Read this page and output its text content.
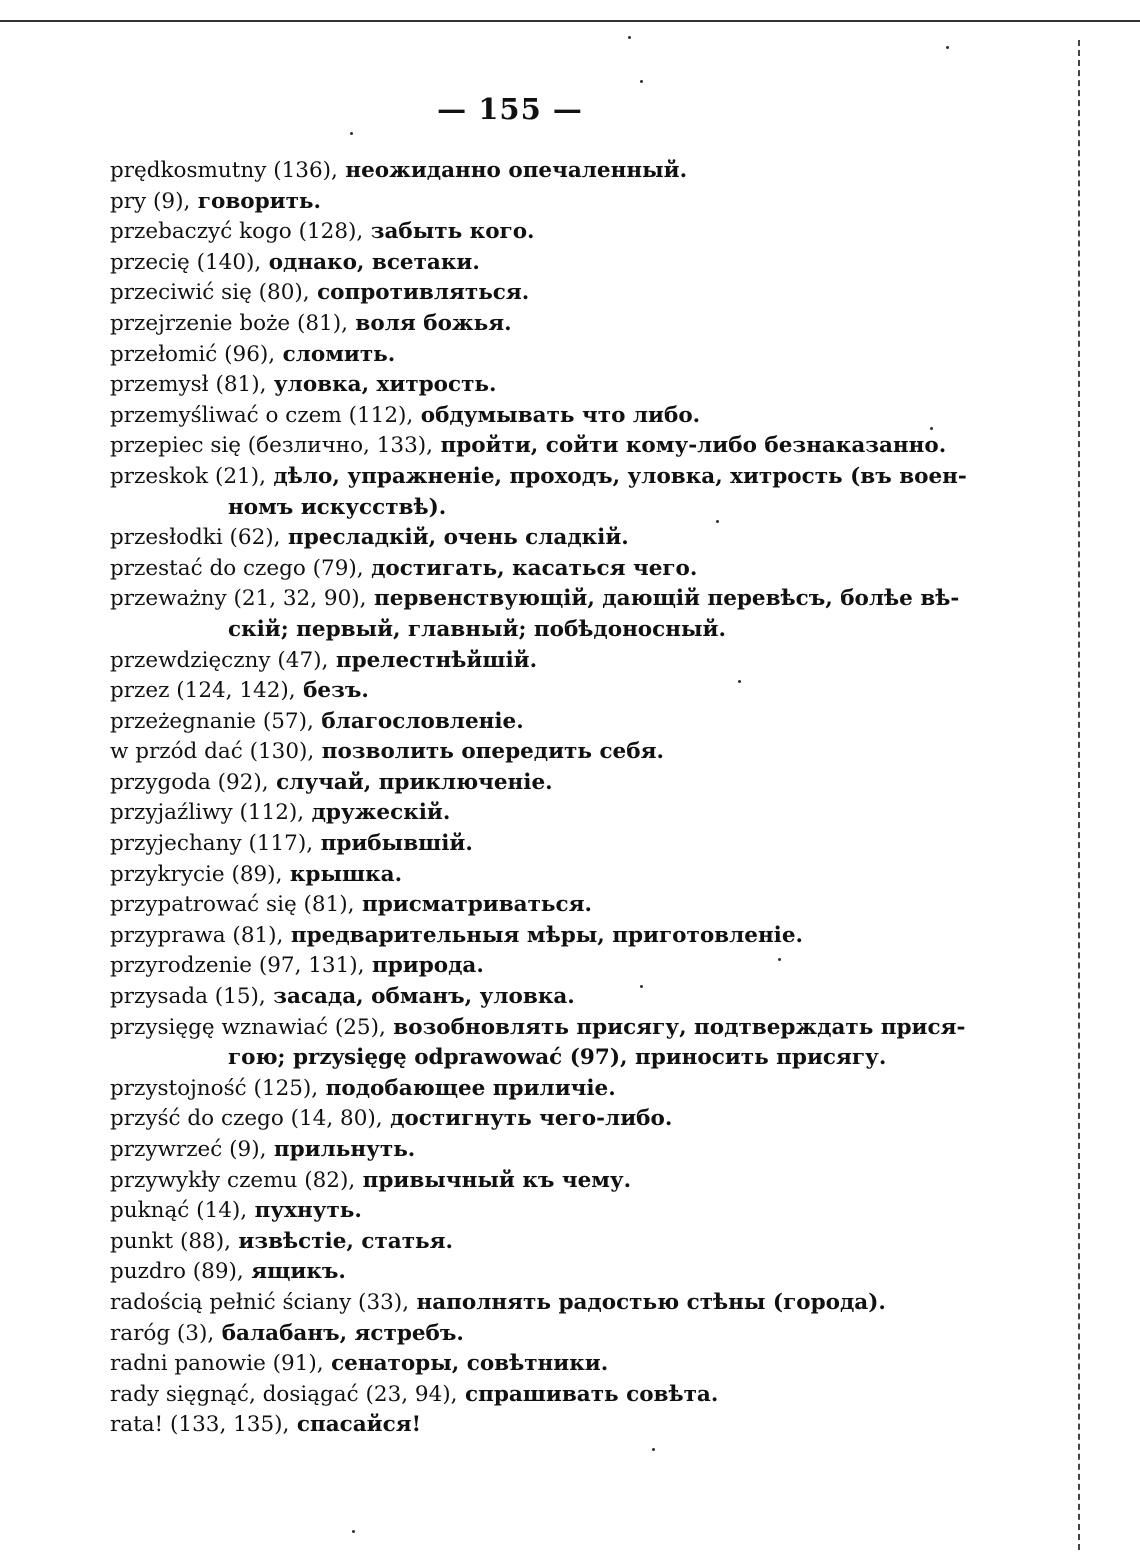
— 155 —
prędkosmutny (136), неожиданно опечаленный.
pry (9), говорить.
przebaczyć kogo (128), забыть кого.
przecię (140), однако, всетаки.
przeciwić się (80), сопротивляться.
przejrzenie boże (81), воля божья.
przełomić (96), сломить.
przemysł (81), уловка, хитрость.
przemyśliwać o czem (112), обдумывать что либо.
przepiec się (безлично, 133), пройти, сойти кому-либо безнаказанно.
przeskok (21), дѣло, упражненіе, проходъ, уловка, хитрость (въ воен-
номъ искусствѣ).
przesłodki (62), пресладкій, очень сладкій.
przestać do czego (79), достигать, касаться чего.
przeważny (21, 32, 90), первенствующій, дающій перевѣсъ, болѣе вѣ-
скій; первый, главный; побѣдоносный.
przewdzięczny (47), прелестнѣйшій.
przez (124, 142), безъ.
przeżegnanie (57), благословленіе.
w przód dać (130), позволить опередить себя.
przygoda (92), случай, приключеніе.
przyjaźliwy (112), дружескій.
przyjechany (117), прибывшій.
przykrycie (89), крышка.
przypatrować się (81), присматриваться.
przyprawa (81), предварительныя мѣры, приготовленіе.
przyrodzenie (97, 131), природа.
przysada (15), засада, обманъ, уловка.
przysięgę wznawiać (25), возобновлять присягу, подтверждать прися-
гою; przysięgę odprawować (97), приносить присягу.
przystojność (125), подобающее приличіе.
przyść do czego (14, 80), достигнуть чего-либо.
przywrzeć (9), прильнуть.
przywykły czemu (82), привычный къ чему.
puknąć (14), пухнуть.
punkt (88), извѣстіе, статья.
puzdro (89), ящикъ.
radością pełnić ściany (33), наполнять радостью стѣны (города).
raróg (3), балабанъ, ястребъ.
radni panowie (91), сенаторы, совѣтники.
rady sięgnąć, dosiągać (23, 94), спрашивать совѣта.
rata! (133, 135), спасайся!
